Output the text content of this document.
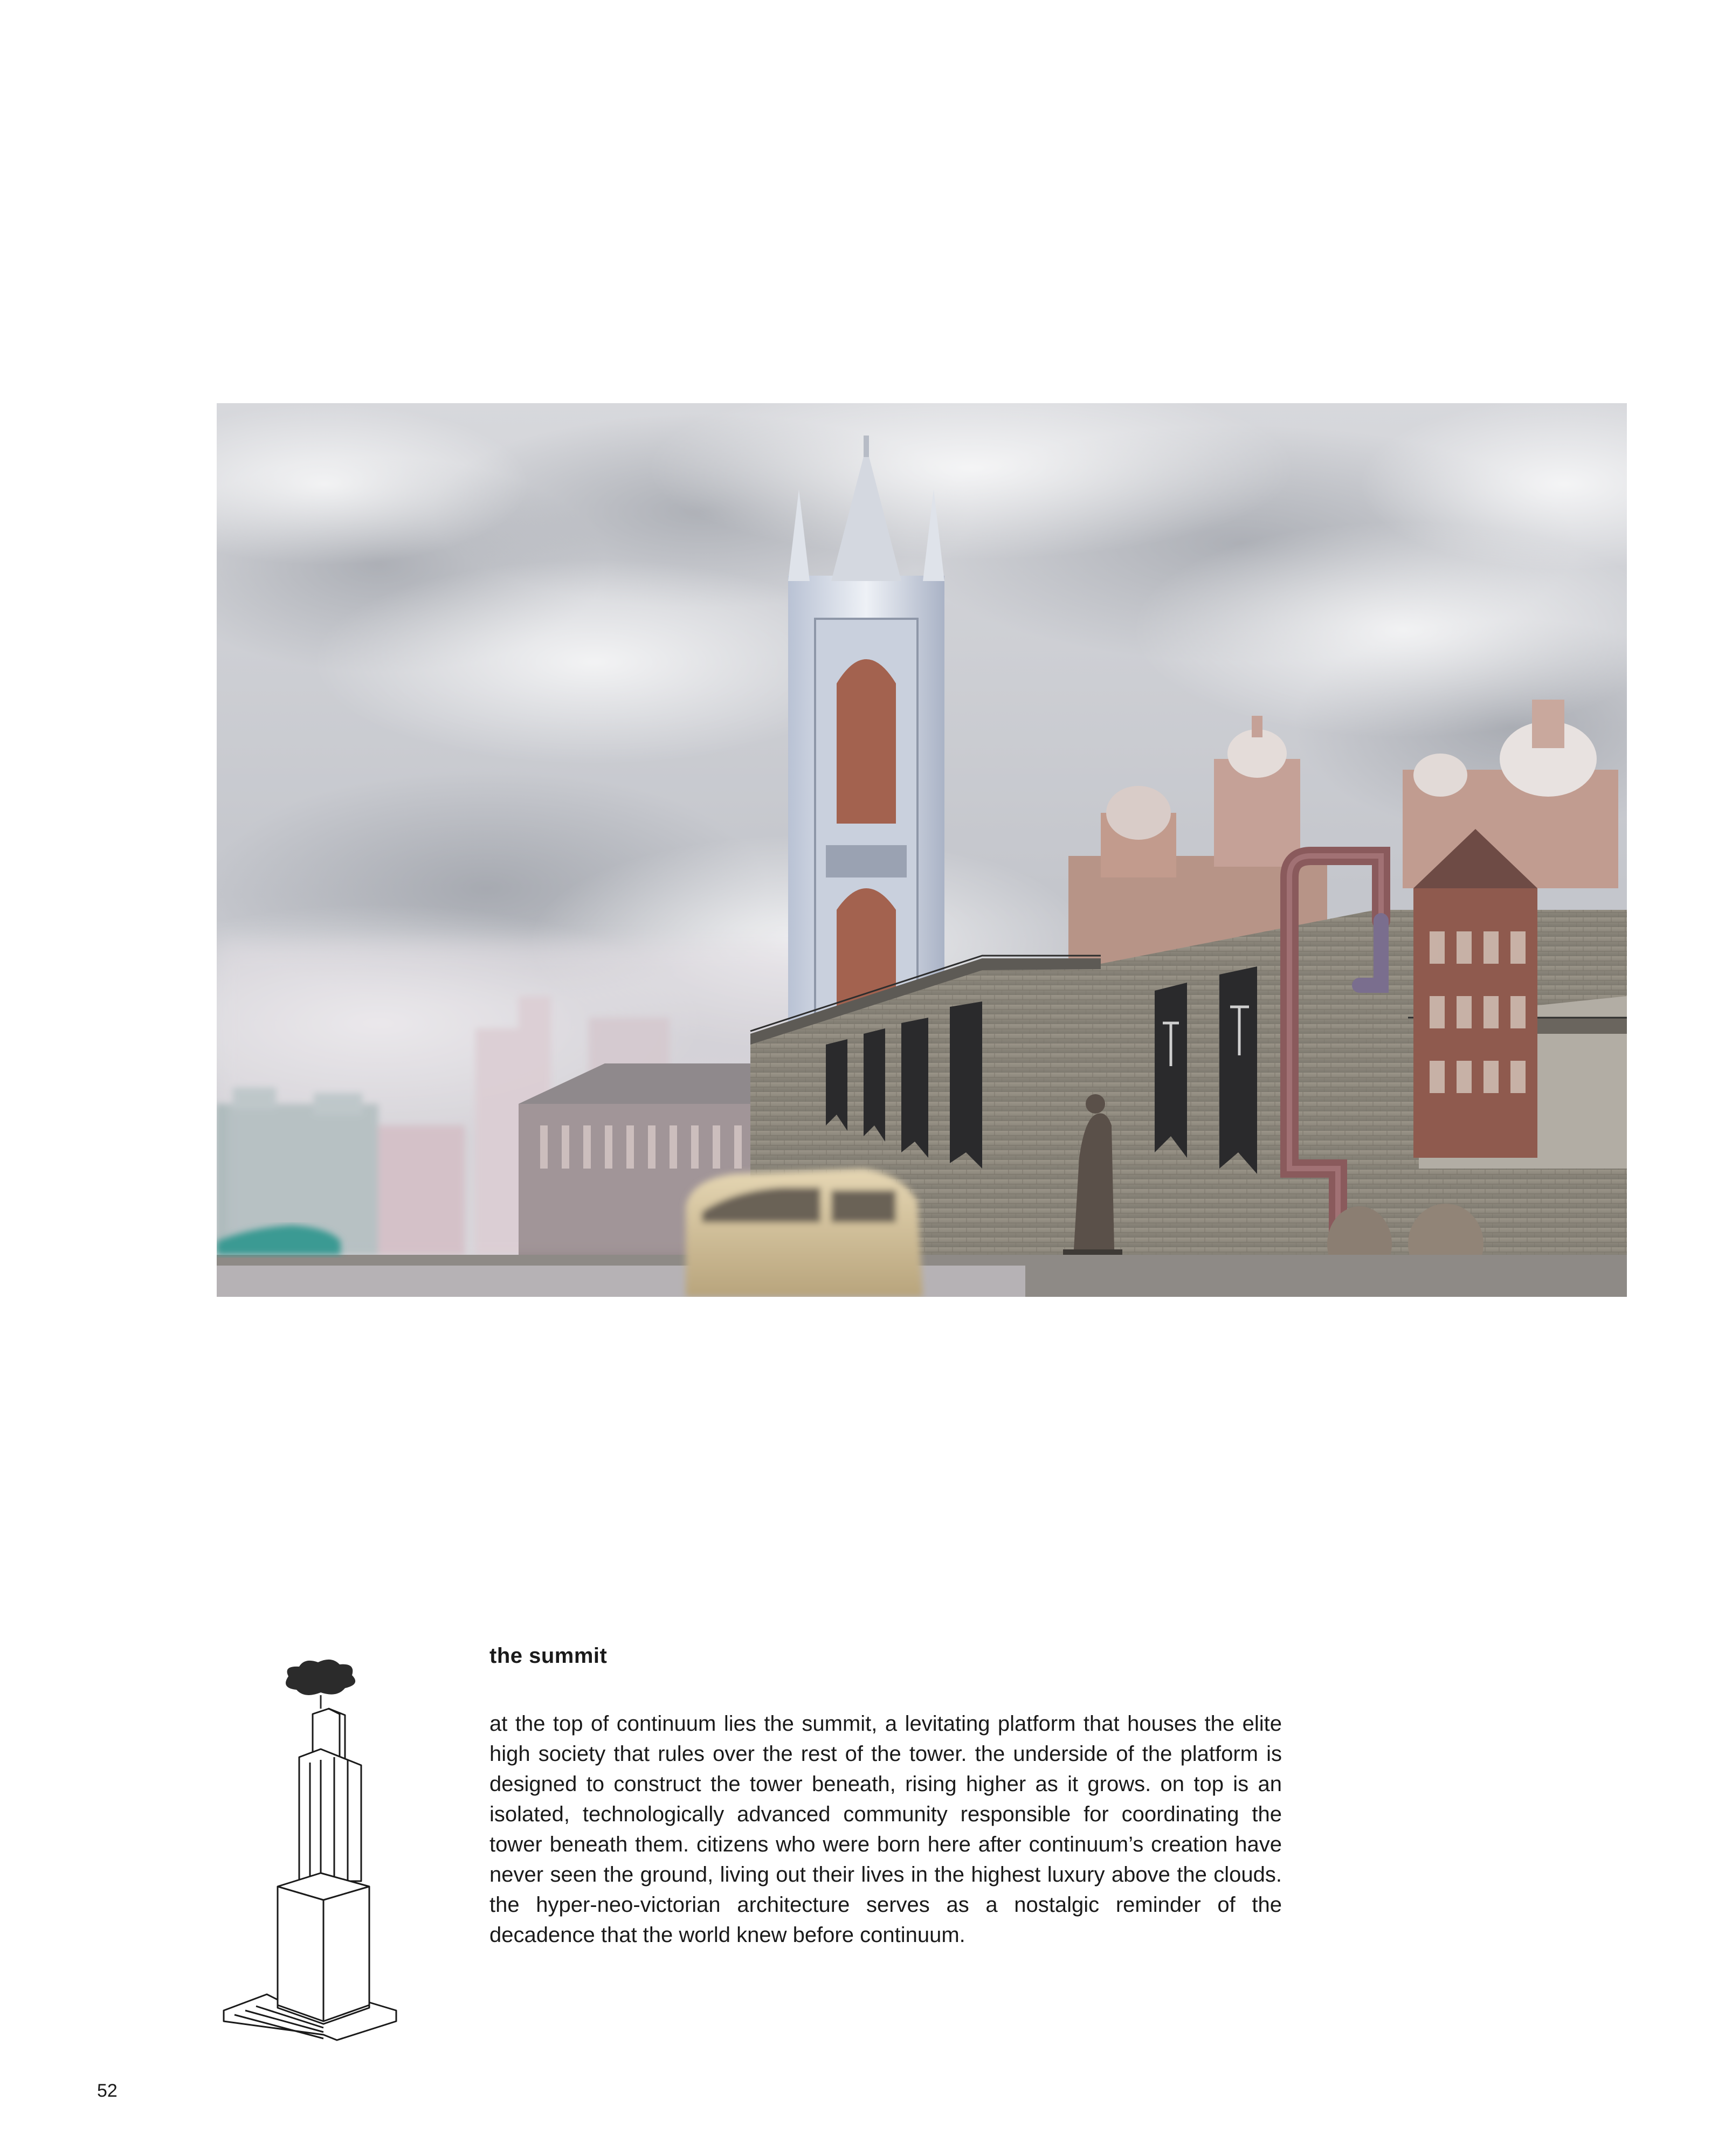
the summit
at the top of continuum lies the summit, a levitating platform that houses the elite high society that rules over the rest of the tower. the underside of the platform is designed to construct the tower beneath, rising higher as it grows. on top is an isolated, technologically advanced community responsible for coordinating the tower beneath them. citizens who were born here after continuum’s creation have never seen the ground, living out their lives in the highest luxury above the clouds. the hyper-neo-victorian architecture serves as a nostalgic reminder of the decadence that the world knew before continuum.
52
